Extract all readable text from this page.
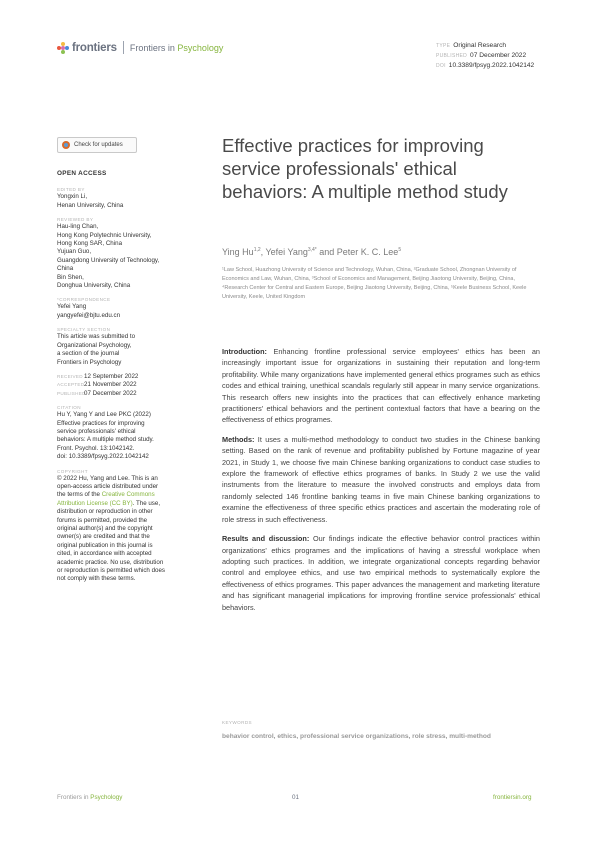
frontiers Frontiers in Psychology	TYPE Original Research
PUBLISHED 07 December 2022
DOI 10.3389/fpsyg.2022.1042142
Check for updates
OPEN ACCESS
EDITED BY
Yongxin Li,
Henan University, China
REVIEWED BY
Hau-ling Chan,
Hong Kong Polytechnic University,
Hong Kong SAR, China
Yujuan Guo,
Guangdong University of Technology,
China
Bin Shen,
Donghua University, China
*CORRESPONDENCE
Yefei Yang
yangyefei@bjtu.edu.cn
SPECIALTY SECTION
This article was submitted to
Organizational Psychology,
a section of the journal
Frontiers in Psychology
RECEIVED 12 September 2022
ACCEPTED 21 November 2022
PUBLISHED
07 December 2022
CITATION
Hu Y, Yang Y and Lee PKC (2022)
Effective practices for improving
service professionals' ethical
behaviors: A multiple method study.
Front. Psychol. 13:1042142.
doi: 10.3389/fpsyg.2022.1042142
COPYRIGHT
© 2022 Hu, Yang and Lee. This is an open-access article distributed under the terms of the Creative Commons Attribution License (CC BY). The use, distribution or reproduction in other forums is permitted, provided the original author(s) and the copyright owner(s) are credited and that the original publication in this journal is cited, in accordance with accepted academic practice. No use, distribution or reproduction is permitted which does not comply with these terms.
Effective practices for improving service professionals' ethical behaviors: A multiple method study
Ying Hu$^{1,2}$, Yefei Yang$^{3,4*}$ and Peter K. C. Lee$^5$
¹Law School, Huazhong University of Science and Technology, Wuhan, China, ²Graduate School, Zhongnan University of Economics and Law, Wuhan, China, ³School of Economics and Management, Beijing Jiaotong University, Beijing, China, ⁴Research Center for Central and Eastern Europe, Beijing Jiaotong University, Beijing, China, ⁵Keele Business School, Keele University, Keele, United Kingdom

Introduction: Enhancing frontline professional service employees' ethics has been an increasingly important issue for organizations in sustaining their reputation and long-term profitability. While many organizations have implemented general ethics programes such as ethics codes and ethical training, unethical scandals regularly still appear in many service organizations. This research offers new insights into the practices that can effectively enhance marketing practitioners' ethical behaviors and the pertinent contextual factors that have a bearing on the effectiveness of ethics programes.

Methods: It uses a multi-method methodology to conduct two studies in the Chinese banking setting. Based on the rank of revenue and profitability published by Fortune magazine of year 2021, in Study 1, we choose five main Chinese banking organizations to conduct case studies to explore the framework of effective ethics programes of banks. In Study 2 we use the valid instruments from the literature to measure the involved constructs and employs data from randomly selected 146 frontline banking teams in five main Chinese banking organizations to examine the effectiveness of three specific ethics practices and ascertain the moderating role of role stress in such effectiveness.

Results and discussion: Our findings indicate the effective behavior control practices within organizations' ethics programes and the implications of having a stressful workplace when adopting such practices. In addition, we integrate organizational concepts regarding behavior control and employee ethics, and use two empirical methods to systematically explore the effectiveness of ethics programes. This paper advances the management and marketing literature and has significant managerial implications for improving frontline service professionals' ethical behaviors.

KEYWORDS
behavior control, ethics, professional service organizations, role stress, multi-method
Frontiers in Psychology	01	frontiersin.org
